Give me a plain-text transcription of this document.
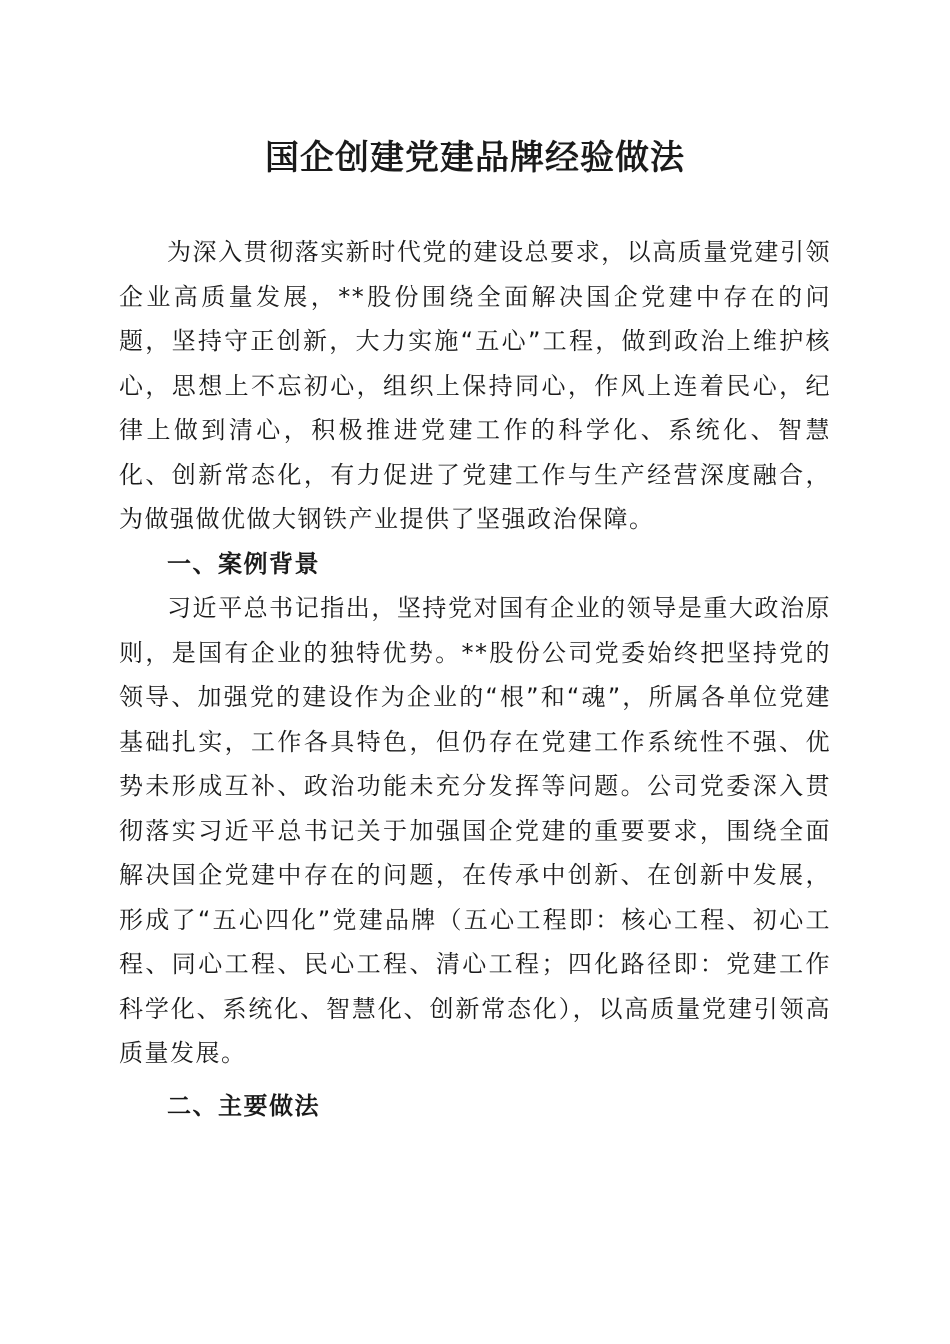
国企创建党建品牌经验做法

为深入贯彻落实新时代党的建设总要求，以高质量党建引领企业高质量发展，**股份围绕全面解决国企党建中存在的问题，坚持守正创新，大力实施“五心”工程，做到政治上维护核心，思想上不忘初心，组织上保持同心，作风上连着民心，纪律上做到清心，积极推进党建工作的科学化、系统化、智慧化、创新常态化，有力促进了党建工作与生产经营深度融合，为做强做优做大钢铁产业提供了坚强政治保障。

一、案例背景

习近平总书记指出，坚持党对国有企业的领导是重大政治原则，是国有企业的独特优势。**股份公司党委始终把坚持党的领导、加强党的建设作为企业的“根”和“魂”，所属各单位党建基础扎实，工作各具特色，但仍存在党建工作系统性不强、优势未形成互补、政治功能未充分发挥等问题。公司党委深入贯彻落实习近平总书记关于加强国企党建的重要要求，围绕全面解决国企党建中存在的问题，在传承中创新、在创新中发展，形成了“五心四化”党建品牌（五心工程即：核心工程、初心工程、同心工程、民心工程、清心工程；四化路径即：党建工作科学化、系统化、智慧化、创新常态化），以高质量党建引领高质量发展。

二、主要做法
